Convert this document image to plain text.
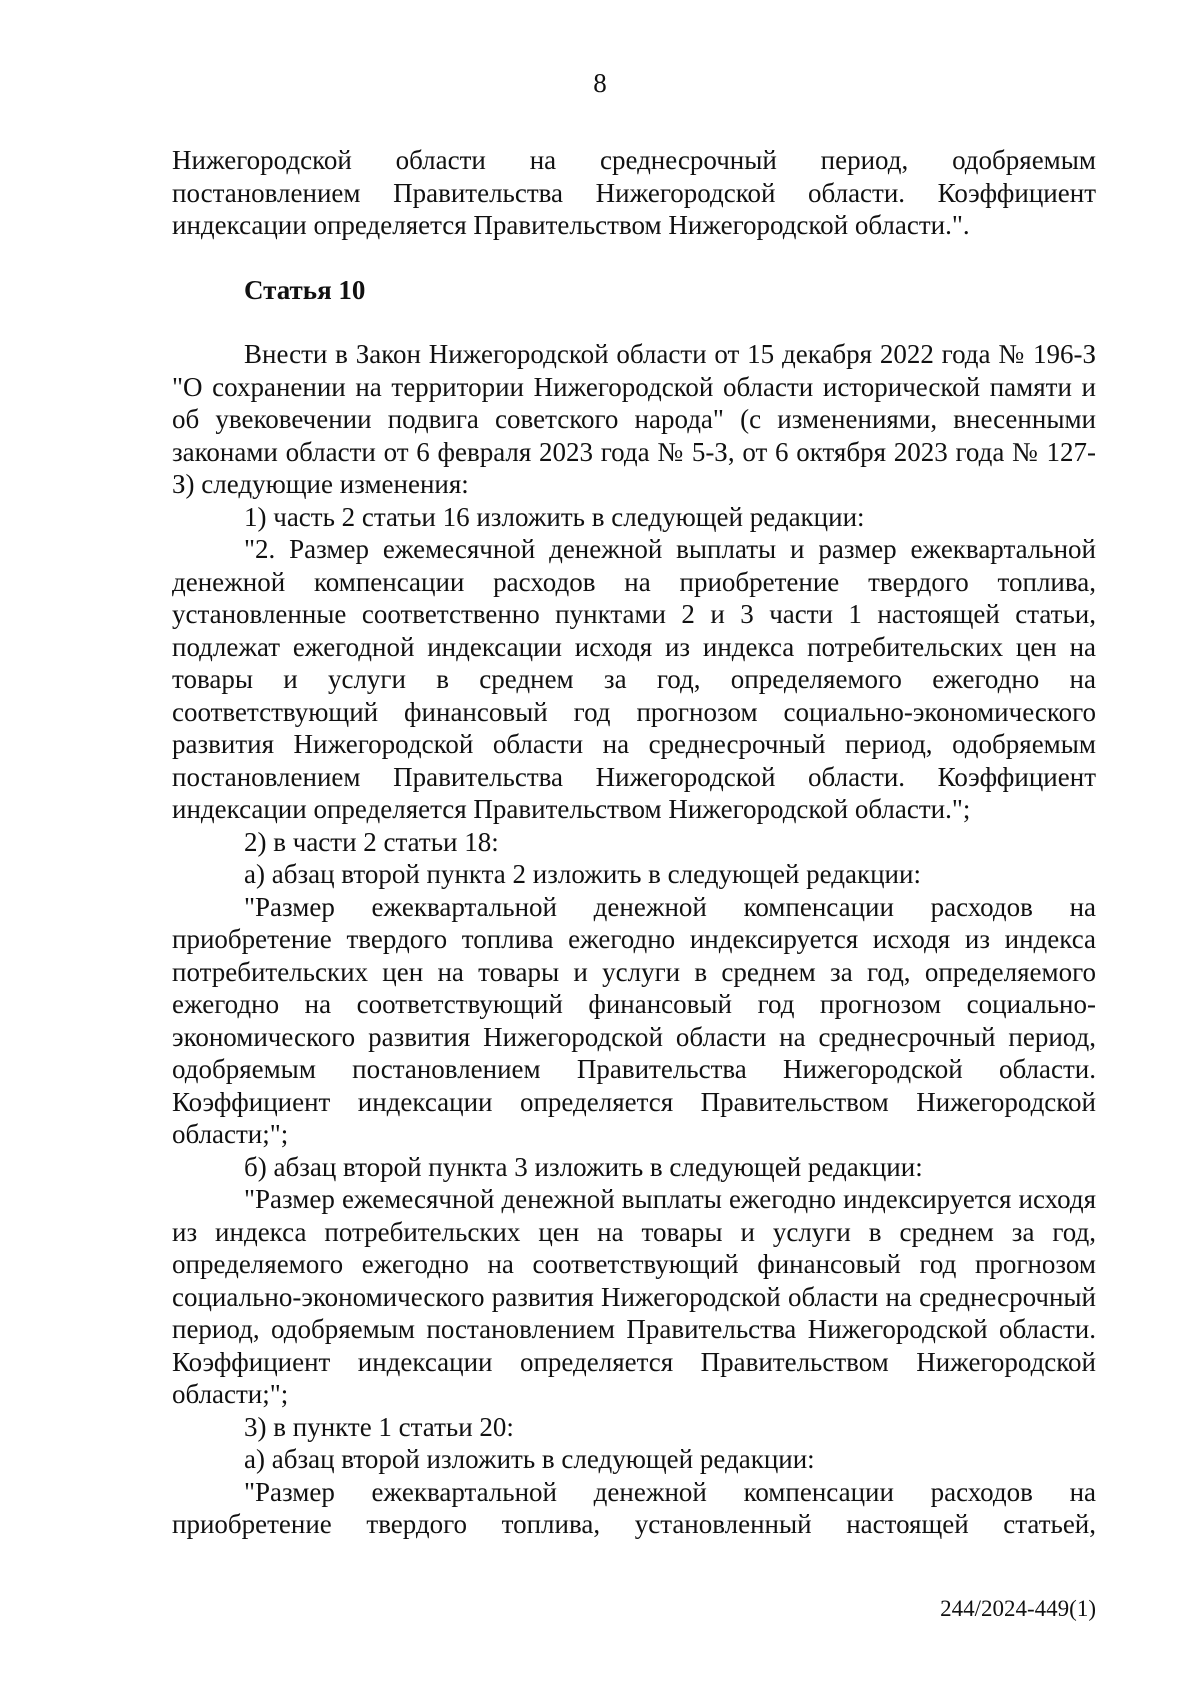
8

Нижегородской области на среднесрочный период, одобряемым постановлением Правительства Нижегородской области. Коэффициент индексации определяется Правительством Нижегородской области.".

Статья 10

Внести в Закон Нижегородской области от 15 декабря 2022 года № 196-З "О сохранении на территории Нижегородской области исторической памяти и об увековечении подвига советского народа" (с изменениями, внесенными законами области от 6 февраля 2023 года № 5-З, от 6 октября 2023 года № 127-З) следующие изменения:

1) часть 2 статьи 16 изложить в следующей редакции:

"2. Размер ежемесячной денежной выплаты и размер ежеквартальной денежной компенсации расходов на приобретение твердого топлива, установленные соответственно пунктами 2 и 3 части 1 настоящей статьи, подлежат ежегодной индексации исходя из индекса потребительских цен на товары и услуги в среднем за год, определяемого ежегодно на соответствующий финансовый год прогнозом социально-экономического развития Нижегородской области на среднесрочный период, одобряемым постановлением Правительства Нижегородской области. Коэффициент индексации определяется Правительством Нижегородской области.";

2) в части 2 статьи 18:

а) абзац второй пункта 2 изложить в следующей редакции:

"Размер ежеквартальной денежной компенсации расходов на приобретение твердого топлива ежегодно индексируется исходя из индекса потребительских цен на товары и услуги в среднем за год, определяемого ежегодно на соответствующий финансовый год прогнозом социально-экономического развития Нижегородской области на среднесрочный период, одобряемым постановлением Правительства Нижегородской области. Коэффициент индексации определяется Правительством Нижегородской области;";

б) абзац второй пункта 3 изложить в следующей редакции:

"Размер ежемесячной денежной выплаты ежегодно индексируется исходя из индекса потребительских цен на товары и услуги в среднем за год, определяемого ежегодно на соответствующий финансовый год прогнозом социально-экономического развития Нижегородской области на среднесрочный период, одобряемым постановлением Правительства Нижегородской области. Коэффициент индексации определяется Правительством Нижегородской области;";

3) в пункте 1 статьи 20:

а) абзац второй изложить в следующей редакции:

"Размер ежеквартальной денежной компенсации расходов на приобретение твердого топлива, установленный настоящей статьей,

244/2024-449(1)
